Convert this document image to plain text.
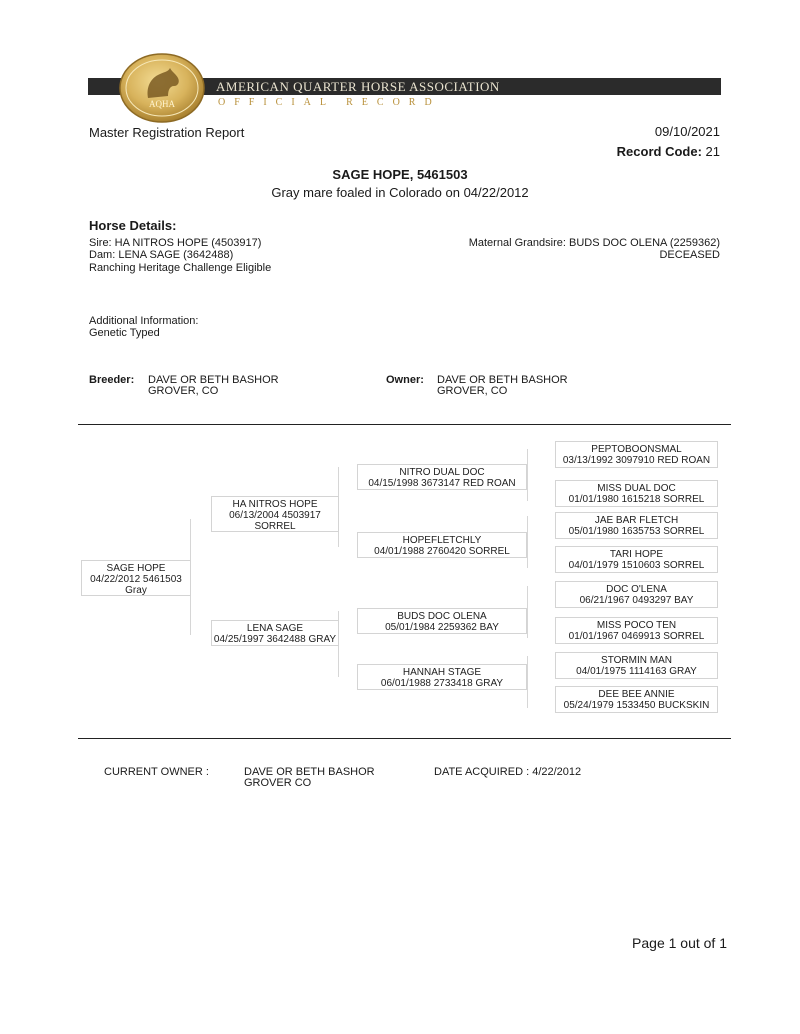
AMERICAN QUARTER HORSE ASSOCIATION
OFFICIAL RECORD
AQHA
Master Registration Report	09/10/2021
Record Code: 21
SAGE HOPE, 5461503
Gray mare foaled in Colorado on 04/22/2012
Horse Details:
Sire: HA NITROS HOPE (4503917)
Dam: LENA SAGE (3642488)
Ranching Heritage Challenge Eligible
Maternal Grandsire: BUDS DOC OLENA (2259362)
DECEASED
Additional Information:
Genetic Typed
Breeder: DAVE OR BETH BASHOR
GROVER, CO
Owner: DAVE OR BETH BASHOR
GROVER, CO
SAGE HOPE
04/22/2012 5461503
Gray
HA NITROS HOPE
06/13/2004 4503917
SORREL
LENA SAGE
04/25/1997 3642488 GRAY
NITRO DUAL DOC
04/15/1998 3673147 RED ROAN
HOPEFLETCHLY
04/01/1988 2760420 SORREL
BUDS DOC OLENA
05/01/1984 2259362 BAY
HANNAH STAGE
06/01/1988 2733418 GRAY
PEPTOBOONSMAL
03/13/1992 3097910 RED ROAN
MISS DUAL DOC
01/01/1980 1615218 SORREL
JAE BAR FLETCH
05/01/1980 1635753 SORREL
TARI HOPE
04/01/1979 1510603 SORREL
DOC O'LENA
06/21/1967 0493297 BAY
MISS POCO TEN
01/01/1967 0469913 SORREL
STORMIN MAN
04/01/1975 1114163 GRAY
DEE BEE ANNIE
05/24/1979 1533450 BUCKSKIN
CURRENT OWNER :	DAVE OR BETH BASHOR
GROVER CO
DATE ACQUIRED : 4/22/2012
Page 1 out of 1
